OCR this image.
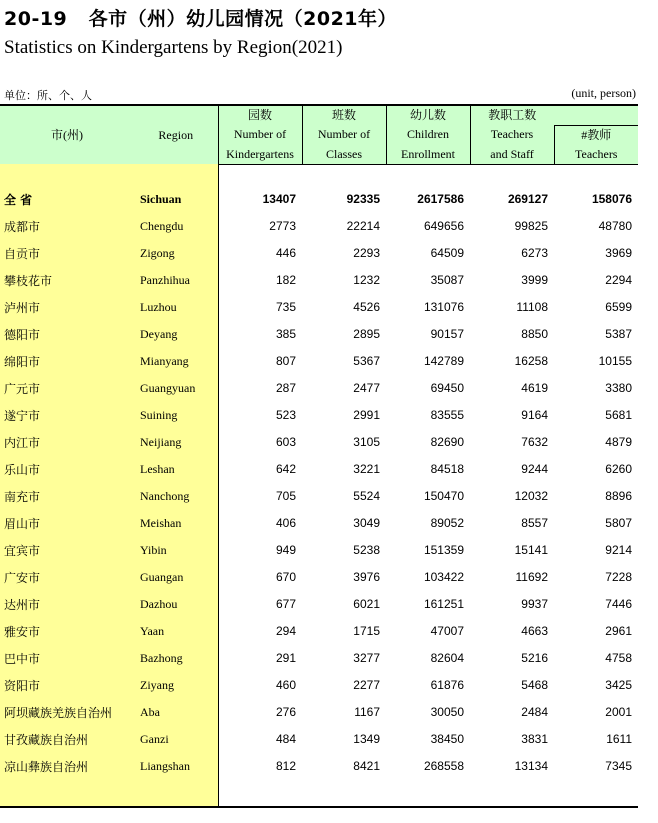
20-19 各市（州）幼儿园情况（2021年）
Statistics on Kindergartens by Region(2021)
单位：所、个、人	(unit, person)
市(州)	Region	园数	班数	幼儿数	教职工数	
		Number of	Number of	Children	Teachers	#教师
		Kindergartens	Classes	Enrollment	and Staff	Teachers

全 省	Sichuan	13407	92335	2617586	269127	158076
成都市	Chengdu	2773	22214	649656	99825	48780
自贡市	Zigong	446	2293	64509	6273	3969
攀枝花市	Panzhihua	182	1232	35087	3999	2294
泸州市	Luzhou	735	4526	131076	11108	6599
德阳市	Deyang	385	2895	90157	8850	5387
绵阳市	Mianyang	807	5367	142789	16258	10155
广元市	Guangyuan	287	2477	69450	4619	3380
遂宁市	Suining	523	2991	83555	9164	5681
内江市	Neijiang	603	3105	82690	7632	4879
乐山市	Leshan	642	3221	84518	9244	6260
南充市	Nanchong	705	5524	150470	12032	8896
眉山市	Meishan	406	3049	89052	8557	5807
宜宾市	Yibin	949	5238	151359	15141	9214
广安市	Guangan	670	3976	103422	11692	7228
达州市	Dazhou	677	6021	161251	9937	7446
雅安市	Yaan	294	1715	47007	4663	2961
巴中市	Bazhong	291	3277	82604	5216	4758
资阳市	Ziyang	460	2277	61876	5468	3425
阿坝藏族羌族自治州	Aba	276	1167	30050	2484	2001
甘孜藏族自治州	Ganzi	484	1349	38450	3831	1611
凉山彝族自治州	Liangshan	812	8421	268558	13134	7345
